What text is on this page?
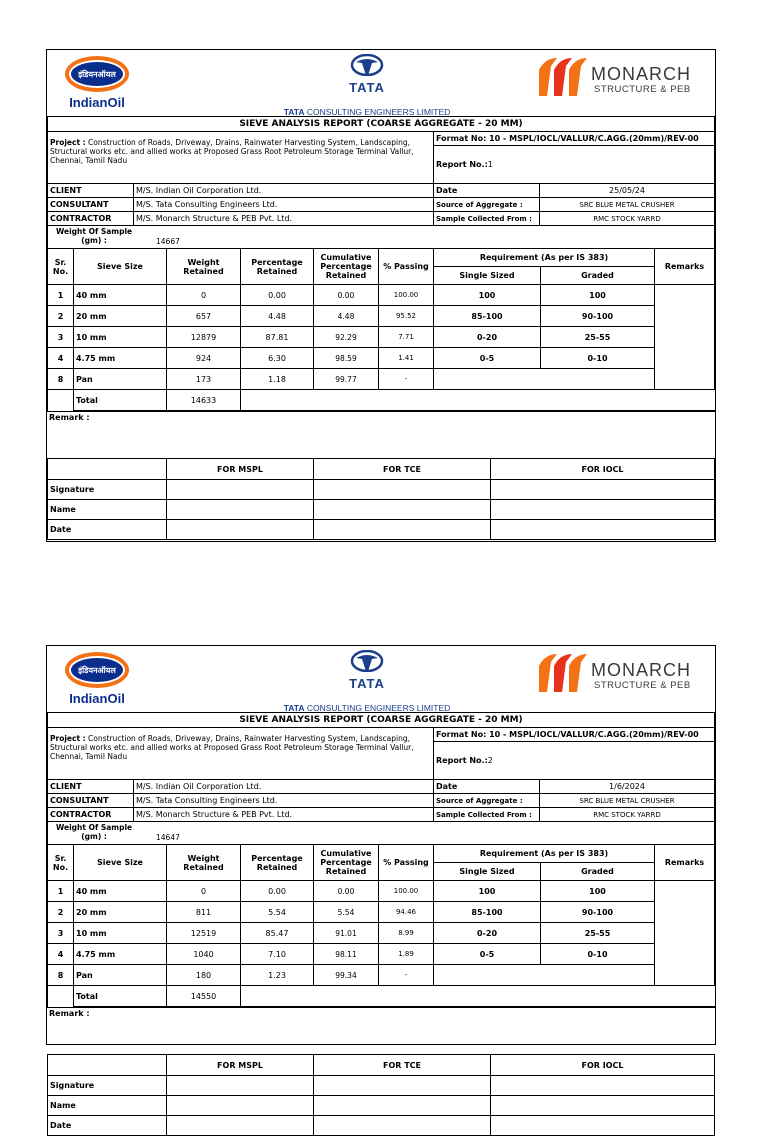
इंडियनऑयल
IndianOil
TATA
TATA CONSULTING ENGINEERS LIMITED
MONARCH
STRUCTURE & PEB
SIEVE ANALYSIS REPORT (COARSE AGGREGATE - 20 MM)			
Project : Construction of Roads, Driveway, Drains, Rainwater Harvesting System, Landscaping, Structural works etc. and allied works at Proposed Grass Root Petroleum Storage Terminal Vallur, Chennai, Tamil Nadu		Format No: 10 - MSPL/IOCL/VALLUR/C.AGG.(20mm)/REV-00	
		Report No.:1	
CLIENT	M/S. Indian Oil Corporation Ltd.	Date	25/05/24
CONSULTANT	M/S. Tata Consulting Engineers Ltd.	Source of Aggregate :	SRC BLUE METAL CRUSHER
CONTRACTOR	M/S. Monarch Structure & PEB Pvt. Ltd.	Sample Collected From :	RMC STOCK YARRD

Weight Of Sample
(gm) : 14667			
Sr. No.	Sieve Size	Weight Retained	Percentage Retained	Cumulative Percentage Retained	% Passing	Requirement (As per IS 383)		Remarks
						Single Sized	Graded	
1	40 mm	0	0.00	0.00	100.00	100	100	
2	20 mm	657	4.48	4.48	95.52	85-100	90-100	
3	10 mm	12879	87.81	92.29	7.71	0-20	25-55	
4	4.75 mm	924	6.30	98.59	1.41	0-5	0-10	
8	Pan	173	1.18	99.77	-			
	Total	14633						
Remark :
	FOR MSPL	FOR TCE	FOR IOCL
Signature			
Name			
Date			
इंडियनऑयल
IndianOil
TATA
TATA CONSULTING ENGINEERS LIMITED
MONARCH
STRUCTURE & PEB
SIEVE ANALYSIS REPORT (COARSE AGGREGATE - 20 MM)			
Project : Construction of Roads, Driveway, Drains, Rainwater Harvesting System, Landscaping, Structural works etc. and allied works at Proposed Grass Root Petroleum Storage Terminal Vallur, Chennai, Tamil Nadu		Format No: 10 - MSPL/IOCL/VALLUR/C.AGG.(20mm)/REV-00	
		Report No.:2	
CLIENT	M/S. Indian Oil Corporation Ltd.	Date	1/6/2024
CONSULTANT	M/S. Tata Consulting Engineers Ltd.	Source of Aggregate :	SRC BLUE METAL CRUSHER
CONTRACTOR	M/S. Monarch Structure & PEB Pvt. Ltd.	Sample Collected From :	RMC STOCK YARRD

Weight Of Sample
(gm) : 14647			
Sr. No.	Sieve Size	Weight Retained	Percentage Retained	Cumulative Percentage Retained	% Passing	Requirement (As per IS 383)		Remarks
						Single Sized	Graded	
1	40 mm	0	0.00	0.00	100.00	100	100	
2	20 mm	811	5.54	5.54	94.46	85-100	90-100	
3	10 mm	12519	85.47	91.01	8.99	0-20	25-55	
4	4.75 mm	1040	7.10	98.11	1.89	0-5	0-10	
8	Pan	180	1.23	99.34	-			
	Total	14550						
Remark :
	FOR MSPL	FOR TCE	FOR IOCL
Signature			
Name			
Date			
